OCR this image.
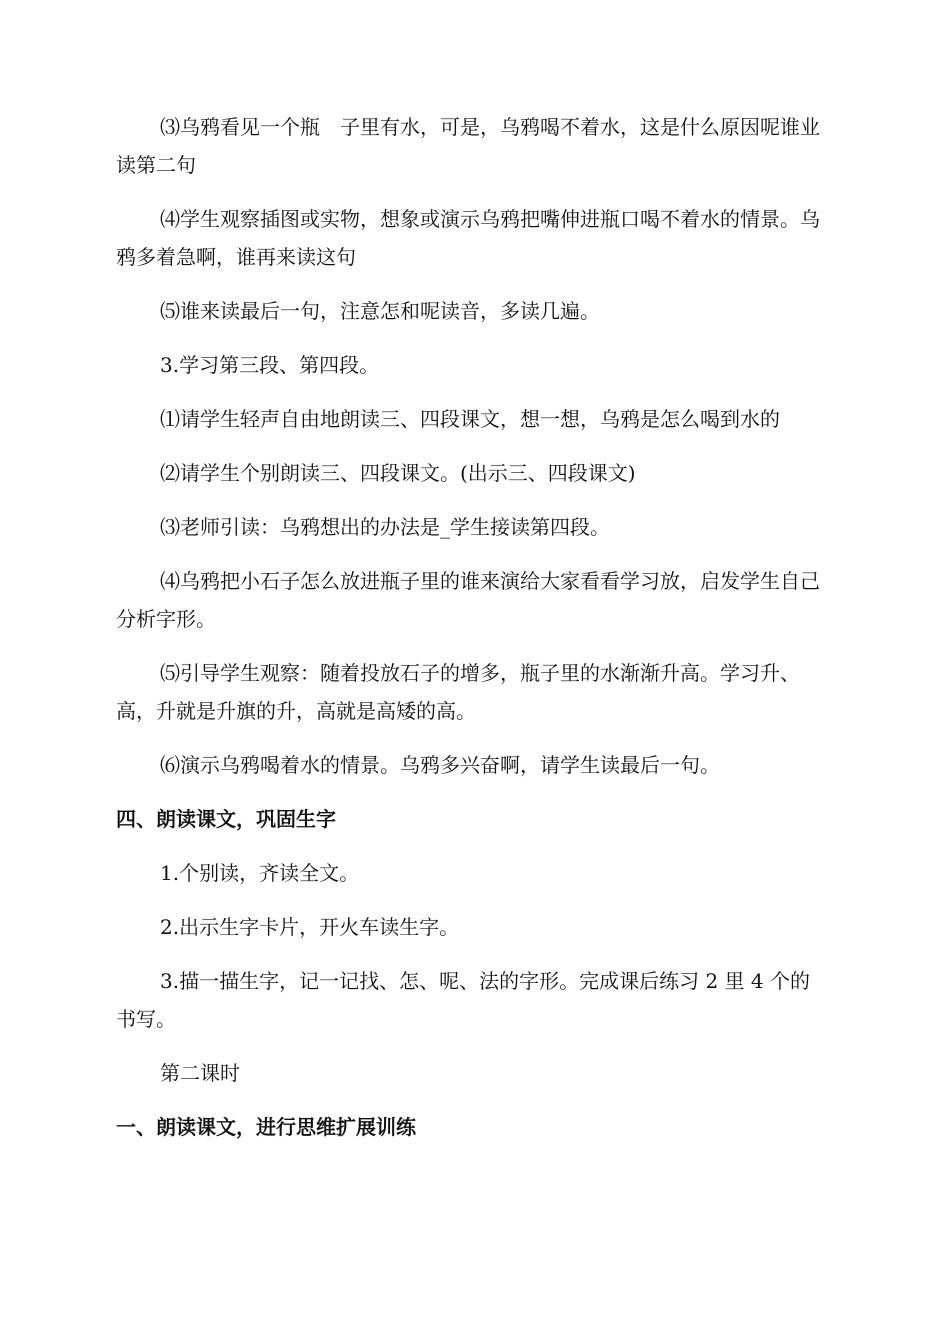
⑶乌鸦看见一个瓶　子里有水，可是，乌鸦喝不着水，这是什么原因呢谁业读第二句

⑷学生观察插图或实物，想象或演示乌鸦把嘴伸进瓶口喝不着水的情景。乌鸦多着急啊，谁再来读这句

⑸谁来读最后一句，注意怎和呢读音，多读几遍。

3.学习第三段、第四段。

⑴请学生轻声自由地朗读三、四段课文，想一想，乌鸦是怎么喝到水的

⑵请学生个别朗读三、四段课文。(出示三、四段课文)

⑶老师引读：乌鸦想出的办法是_学生接读第四段。

⑷乌鸦把小石子怎么放进瓶子里的谁来演给大家看看学习放，启发学生自己分析字形。

⑸引导学生观察：随着投放石子的增多，瓶子里的水渐渐升高。学习升、高，升就是升旗的升，高就是高矮的高。

⑹演示乌鸦喝着水的情景。乌鸦多兴奋啊，请学生读最后一句。

四、朗读课文，巩固生字

1.个别读，齐读全文。

2.出示生字卡片，开火车读生字。

3.描一描生字，记一记找、怎、呢、法的字形。完成课后练习 2 里 4 个的书写。

第二课时

一、朗读课文，进行思维扩展训练
